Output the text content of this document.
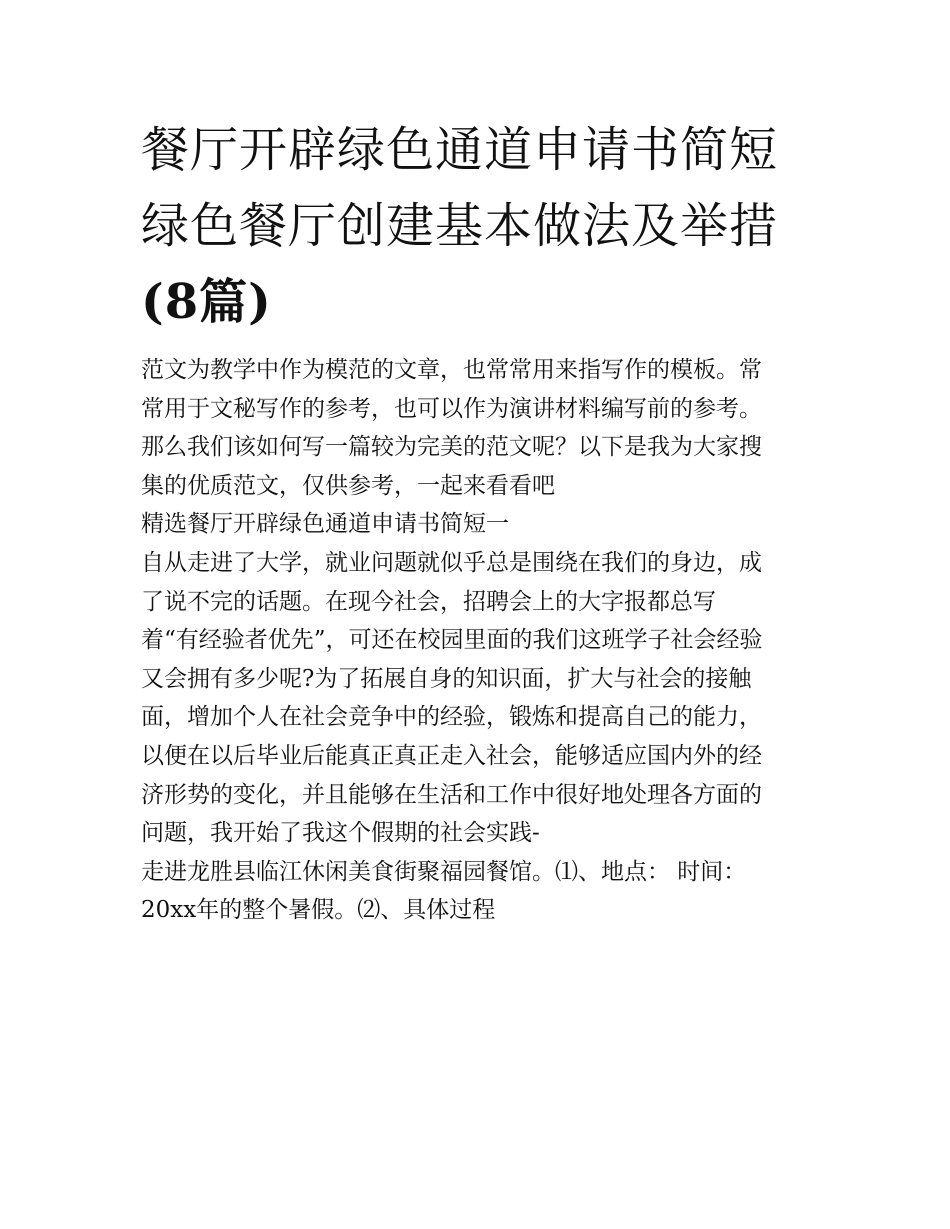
餐厅开辟绿色通道申请书简短
绿色餐厅创建基本做法及举措
(8篇)

范文为教学中作为模范的文章，也常常用来指写作的模板。常
常用于文秘写作的参考，也可以作为演讲材料编写前的参考。
那么我们该如何写一篇较为完美的范文呢？以下是我为大家搜
集的优质范文，仅供参考，一起来看看吧

精选餐厅开辟绿色通道申请书简短一

自从走进了大学，就业问题就似乎总是围绕在我们的身边，成
了说不完的话题。在现今社会，招聘会上的大字报都总写
着“有经验者优先”，可还在校园里面的我们这班学子社会经验
又会拥有多少呢?为了拓展自身的知识面，扩大与社会的接触
面，增加个人在社会竞争中的经验，锻炼和提高自己的能力，
以便在以后毕业后能真正真正走入社会，能够适应国内外的经
济形势的变化，并且能够在生活和工作中很好地处理各方面的
问题，我开始了我这个假期的社会实践-

走进龙胜县临江休闲美食街聚福园餐馆。⑴、地点： 时间：
20xx年的整个暑假。⑵、具体过程
